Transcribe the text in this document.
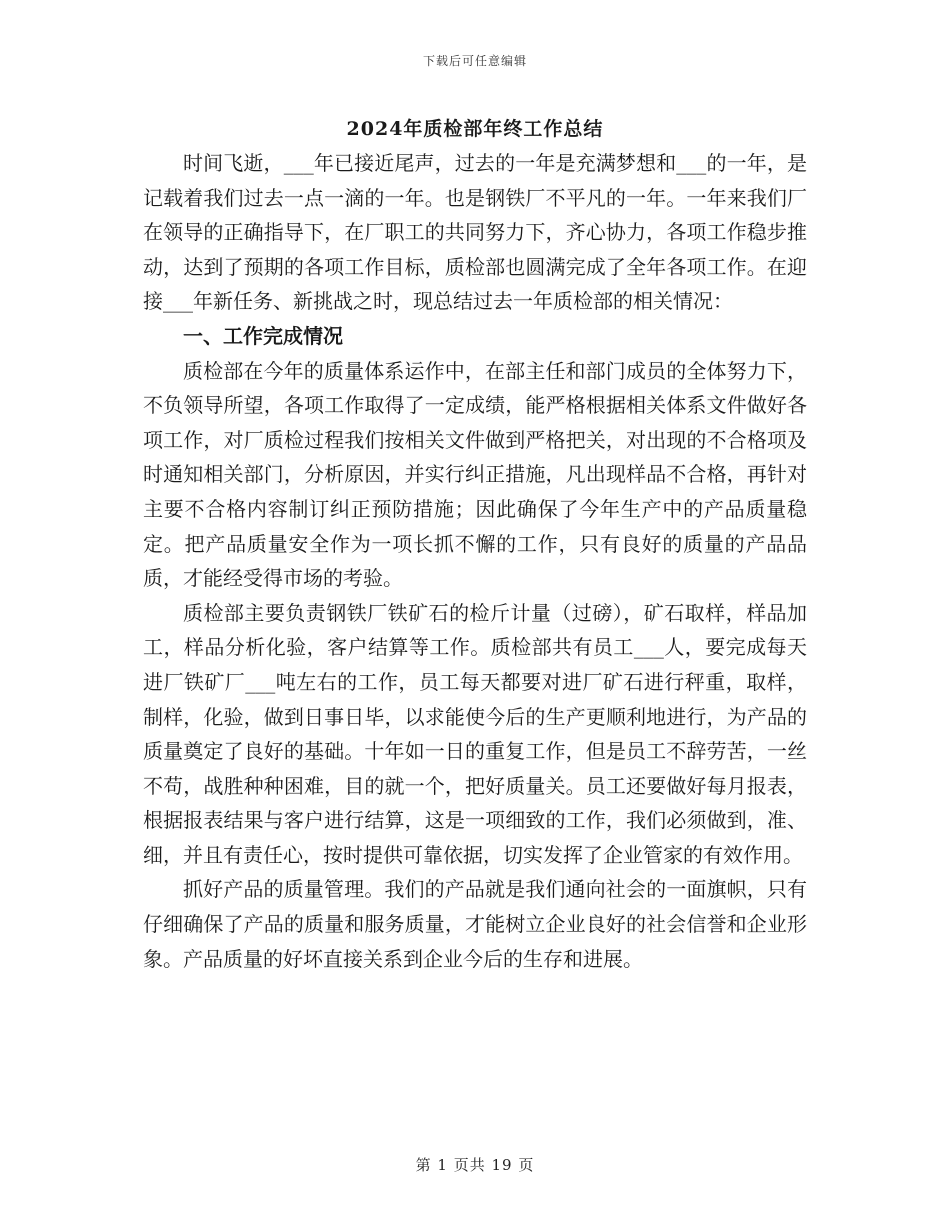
下载后可任意编辑
2024年质检部年终工作总结

时间飞逝，___年已接近尾声，过去的一年是充满梦想和___的一年，是记载着我们过去一点一滴的一年。也是钢铁厂不平凡的一年。一年来我们厂在领导的正确指导下，在厂职工的共同努力下，齐心协力，各项工作稳步推动，达到了预期的各项工作目标，质检部也圆满完成了全年各项工作。在迎接___年新任务、新挑战之时，现总结过去一年质检部的相关情况：

一、工作完成情况

质检部在今年的质量体系运作中，在部主任和部门成员的全体努力下，不负领导所望，各项工作取得了一定成绩，能严格根据相关体系文件做好各项工作，对厂质检过程我们按相关文件做到严格把关，对出现的不合格项及时通知相关部门，分析原因，并实行纠正措施，凡出现样品不合格，再针对主要不合格内容制订纠正预防措施；因此确保了今年生产中的产品质量稳定。把产品质量安全作为一项长抓不懈的工作，只有良好的质量的产品品质，才能经受得市场的考验。

质检部主要负责钢铁厂铁矿石的检斤计量（过磅），矿石取样，样品加工，样品分析化验，客户结算等工作。质检部共有员工___人，要完成每天进厂铁矿厂___吨左右的工作，员工每天都要对进厂矿石进行秤重，取样，制样，化验，做到日事日毕，以求能使今后的生产更顺利地进行，为产品的质量奠定了良好的基础。十年如一日的重复工作，但是员工不辞劳苦，一丝不苟，战胜种种困难，目的就一个，把好质量关。员工还要做好每月报表，根据报表结果与客户进行结算，这是一项细致的工作，我们必须做到，准、细，并且有责任心，按时提供可靠依据，切实发挥了企业管家的有效作用。

抓好产品的质量管理。我们的产品就是我们通向社会的一面旗帜，只有仔细确保了产品的质量和服务质量，才能树立企业良好的社会信誉和企业形象。产品质量的好坏直接关系到企业今后的生存和进展。

第 1 页共 19 页
